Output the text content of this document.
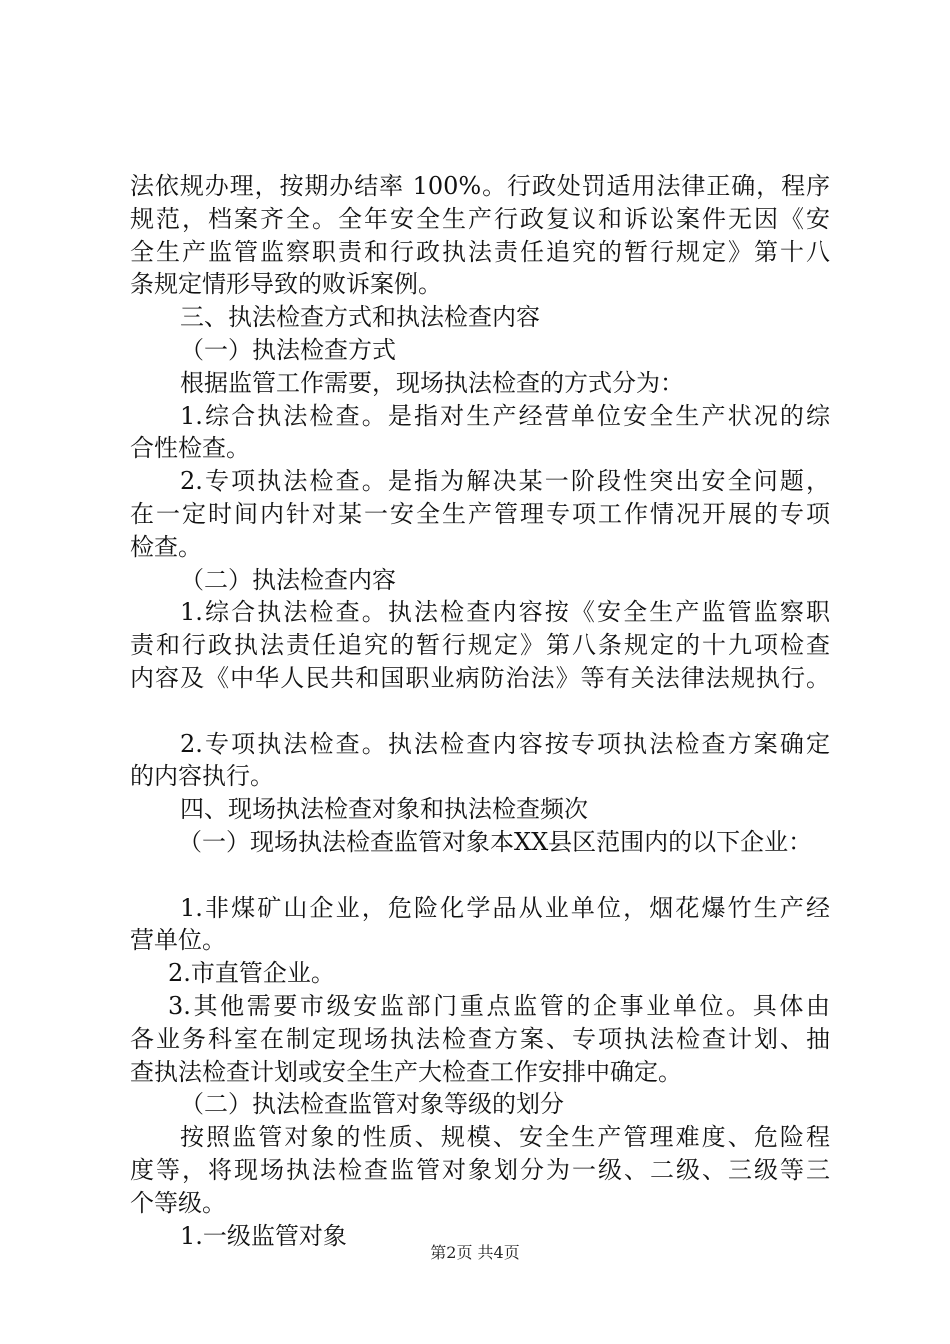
法依规办理，按期办结率 100%。行政处罚适用法律正确，程序
规范，档案齐全。全年安全生产行政复议和诉讼案件无因《安
全生产监管监察职责和行政执法责任追究的暂行规定》第十八
条规定情形导致的败诉案例。
三、执法检查方式和执法检查内容
（一）执法检查方式
根据监管工作需要，现场执法检查的方式分为：
1.综合执法检查。是指对生产经营单位安全生产状况的综
合性检查。
2.专项执法检查。是指为解决某一阶段性突出安全问题，
在一定时间内针对某一安全生产管理专项工作情况开展的专项
检查。
（二）执法检查内容
1.综合执法检查。执法检查内容按《安全生产监管监察职
责和行政执法责任追究的暂行规定》第八条规定的十九项检查
内容及《中华人民共和国职业病防治法》等有关法律法规执行。
2.专项执法检查。执法检查内容按专项执法检查方案确定
的内容执行。
四、现场执法检查对象和执法检查频次
（一）现场执法检查监管对象本XX县区范围内的以下企业：
1.非煤矿山企业，危险化学品从业单位，烟花爆竹生产经
营单位。
2.市直管企业。
3.其他需要市级安监部门重点监管的企事业单位。具体由
各业务科室在制定现场执法检查方案、专项执法检查计划、抽
查执法检查计划或安全生产大检查工作安排中确定。
（二）执法检查监管对象等级的划分
按照监管对象的性质、规模、安全生产管理难度、危险程
度等，将现场执法检查监管对象划分为一级、二级、三级等三
个等级。
1.一级监管对象
第2页 共4页
